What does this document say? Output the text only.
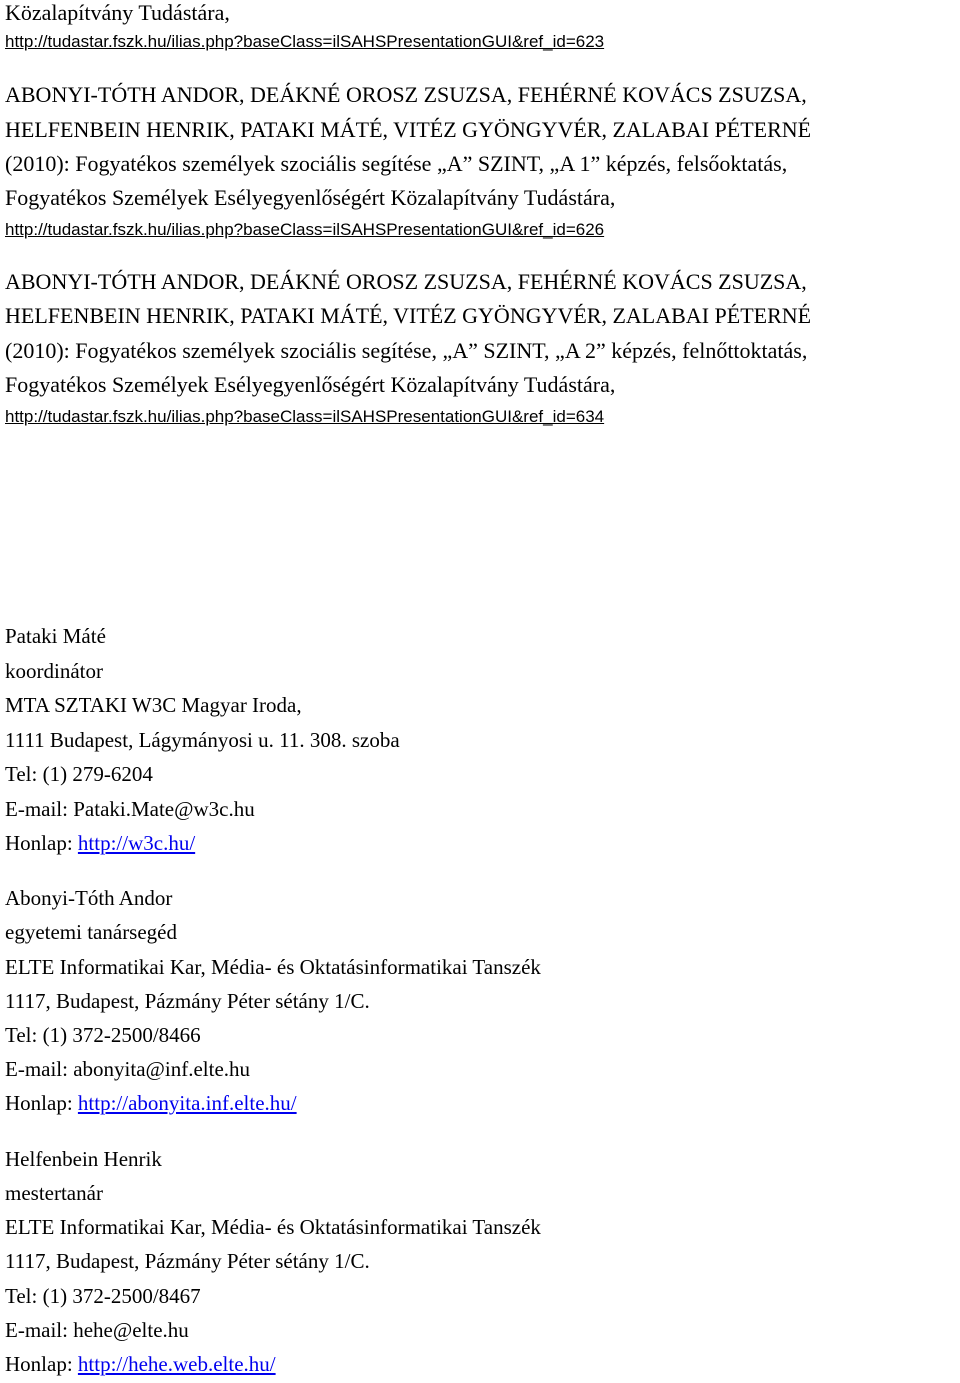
Közalapítvány Tudástára,
http://tudastar.fszk.hu/ilias.php?baseClass=ilSAHSPresentationGUI&ref_id=623
ABONYI-TÓTH ANDOR, DEÁKNÉ OROSZ ZSUZSA, FEHÉRNÉ KOVÁCS ZSUZSA,
HELFENBEIN HENRIK, PATAKI MÁTÉ, VITÉZ GYÖNGYVÉR, ZALABAI PÉTERNÉ
(2010): Fogyatékos személyek szociális segítése „A” SZINT, „A 1” képzés, felsőoktatás,
Fogyatékos Személyek Esélyegyenlőségért Közalapítvány Tudástára,
http://tudastar.fszk.hu/ilias.php?baseClass=ilSAHSPresentationGUI&ref_id=626
ABONYI-TÓTH ANDOR, DEÁKNÉ OROSZ ZSUZSA, FEHÉRNÉ KOVÁCS ZSUZSA,
HELFENBEIN HENRIK, PATAKI MÁTÉ, VITÉZ GYÖNGYVÉR, ZALABAI PÉTERNÉ
(2010): Fogyatékos személyek szociális segítése, „A” SZINT, „A 2” képzés, felnőttoktatás,
Fogyatékos Személyek Esélyegyenlőségért Közalapítvány Tudástára,
http://tudastar.fszk.hu/ilias.php?baseClass=ilSAHSPresentationGUI&ref_id=634
Pataki Máté
koordinátor
MTA SZTAKI W3C Magyar Iroda,
1111 Budapest, Lágymányosi u. 11. 308. szoba
Tel: (1) 279-6204
E-mail: Pataki.Mate@w3c.hu
Honlap: http://w3c.hu/
Abonyi-Tóth Andor
egyetemi tanársegéd
ELTE Informatikai Kar, Média- és Oktatásinformatikai Tanszék
1117, Budapest, Pázmány Péter sétány 1/C.
Tel: (1) 372-2500/8466
E-mail: abonyita@inf.elte.hu
Honlap: http://abonyita.inf.elte.hu/
Helfenbein Henrik
mestertanár
ELTE Informatikai Kar, Média- és Oktatásinformatikai Tanszék
1117, Budapest, Pázmány Péter sétány 1/C.
Tel: (1) 372-2500/8467
E-mail: hehe@elte.hu
Honlap: http://hehe.web.elte.hu/
